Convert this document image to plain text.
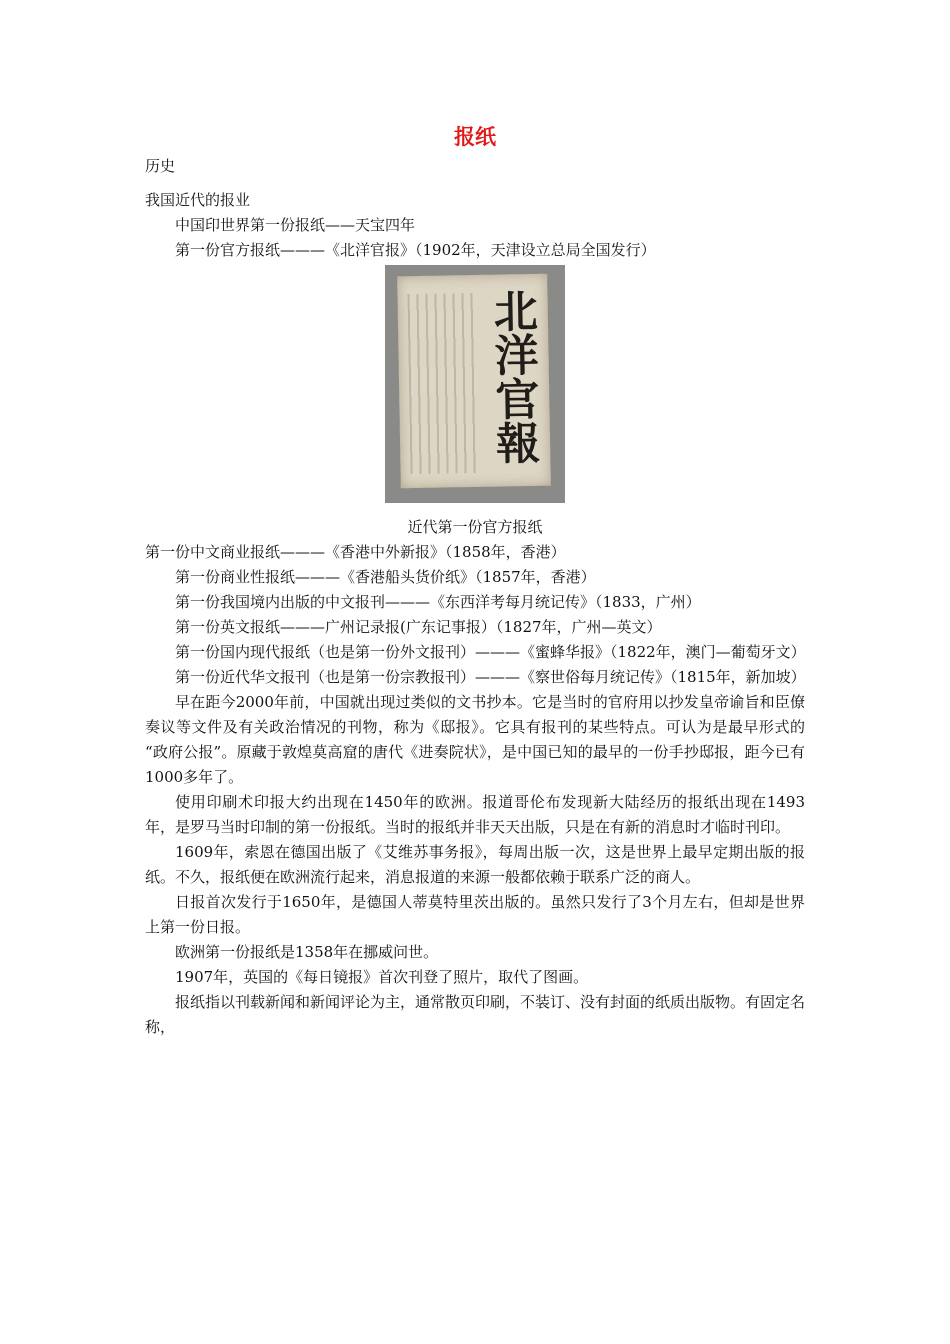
报纸

历史

我国近代的报业

中国印世界第一份报纸——天宝四年

第一份官方报纸———《北洋官报》（1902年，天津设立总局全国发行）

北洋官報

近代第一份官方报纸

第一份中文商业报纸———《香港中外新报》（1858年，香港）

第一份商业性报纸———《香港船头货价纸》（1857年，香港）

第一份我国境内出版的中文报刊———《东西洋考每月统记传》（1833，广州）

第一份英文报纸———广州记录报(广东记事报）（1827年，广州—英文）

第一份国内现代报纸（也是第一份外文报刊）———《蜜蜂华报》（1822年，澳门—葡萄牙文）

第一份近代华文报刊（也是第一份宗教报刊）———《察世俗每月统记传》（1815年，新加坡）

早在距今2000年前，中国就出现过类似的文书抄本。它是当时的官府用以抄发皇帝谕旨和臣僚奏议等文件及有关政治情况的刊物，称为《邸报》。它具有报刊的某些特点。可认为是最早形式的 “政府公报”。原藏于敦煌莫高窟的唐代《进奏院状》，是中国已知的最早的一份手抄邸报，距今已有1000多年了。

使用印刷术印报大约出现在1450年的欧洲。报道哥伦布发现新大陆经历的报纸出现在1493年，是罗马当时印制的第一份报纸。当时的报纸并非天天出版，只是在有新的消息时才临时刊印。

1609年，索恩在德国出版了《艾维苏事务报》，每周出版一次，这是世界上最早定期出版的报纸。不久，报纸便在欧洲流行起来，消息报道的来源一般都依赖于联系广泛的商人。

日报首次发行于1650年，是德国人蒂莫特里茨出版的。虽然只发行了3个月左右，但却是世界上第一份日报。

欧洲第一份报纸是1358年在挪威问世。

1907年，英国的《每日镜报》首次刊登了照片，取代了图画。

报纸指以刊载新闻和新闻评论为主，通常散页印刷，不装订、没有封面的纸质出版物。有固定名称，
